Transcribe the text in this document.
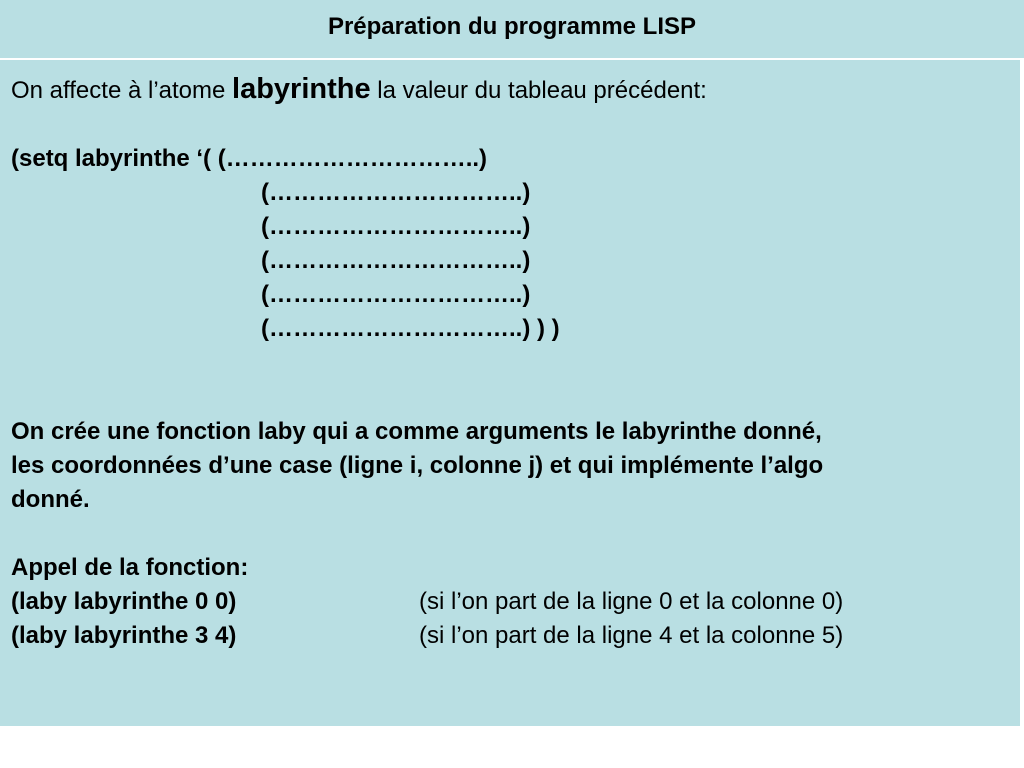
Préparation du programme LISP
On affecte à l’atome labyrinthe la valeur du tableau précédent:
(setq labyrinthe ‘( (…………………………..)
(…………………………..)
(…………………………..)
(…………………………..)
(…………………………..)
(…………………………..) ) )
On crée une fonction laby qui a comme arguments le labyrinthe donné,
les coordonnées d’une case (ligne i, colonne j) et qui implémente l’algo
donné.
Appel de la fonction:
(laby labyrinthe 0 0)	(si l’on part de la ligne 0 et la colonne 0)
(laby labyrinthe 3 4)	(si l’on part de la ligne 4 et la colonne 5)
